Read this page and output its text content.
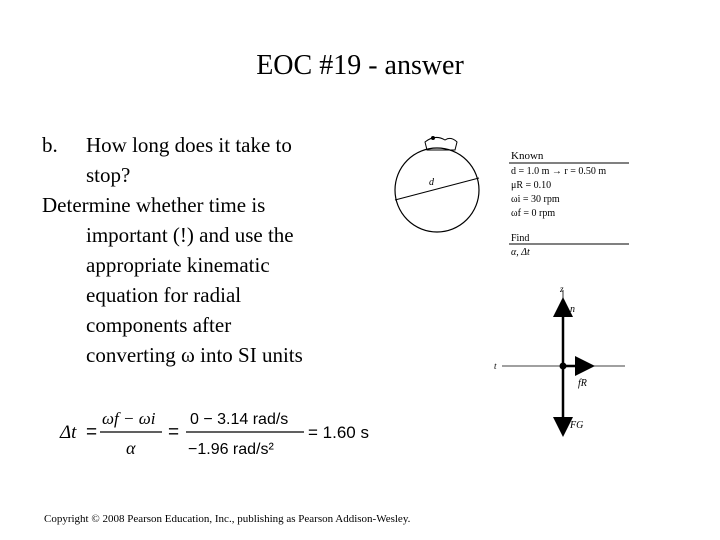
EOC #19 - answer
b. How long does it take to
stop?
Determine whether time is
important (!) and use the
appropriate kinematic
equation for radial
components after
converting ω into SI units
Δt =
ωf − ωi
α
=
0 − 3.14 rad/s
−1.96 rad/s²
= 1.60 s
d
Known
d = 1.0 m → r = 0.50 m
μR = 0.10
ωi = 30 rpm
ωf = 0 rpm
Find
α, Δt
z
t
n
fR
FG
Copyright © 2008 Pearson Education, Inc., publishing as Pearson Addison-Wesley.
